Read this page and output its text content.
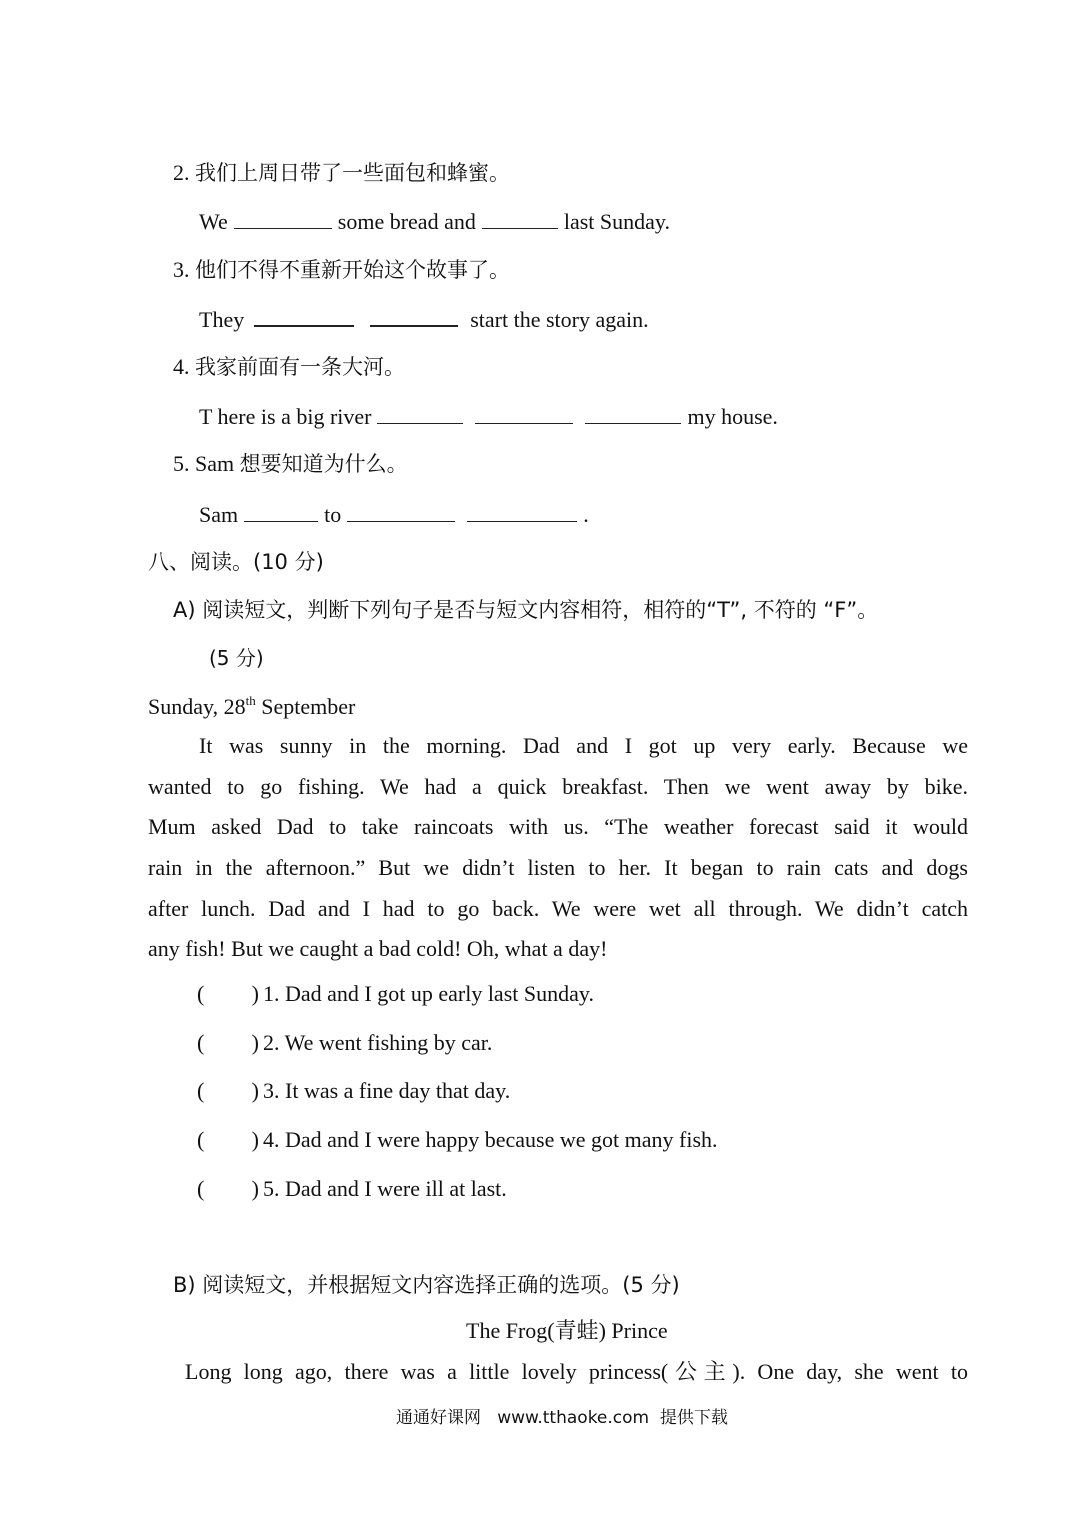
2. 我们上周日带了一些面包和蜂蜜。
We	some bread and	last Sunday.
3. 他们不得不重新开始这个故事了。
They	start the story again.
4. 我家前面有一条大河。
T here is a big river	my house.
5. Sam 想要知道为什么。
Sam	to	.
八、阅读。(10 分)
A) 阅读短文，判断下列句子是否与短文内容相符，相符的“T”, 不符的 “F”。
(5 分)
Sunday, 28th September
It was sunny in the morning. Dad and I got up very early. Because we
wanted to go fishing. We had a quick breakfast. Then we went away by bike.
Mum asked Dad to take raincoats with us. “The weather forecast said it would
rain in the afternoon.” But we didn’t listen to her. It began to rain cats and dogs
after lunch. Dad and I had to go back. We were wet all through. We didn’t catch
any fish! But we caught a bad cold! Oh, what a day!
( ) 1. Dad and I got up early last Sunday.
( ) 2. We went fishing by car.
( ) 3. It was a fine day that day.
( ) 4. Dad and I were happy because we got many fish.
( ) 5. Dad and I were ill at last.
B) 阅读短文，并根据短文内容选择正确的选项。(5 分)
The Frog(青蛙) Prince
Long long ago, there was a little lovely princess(公主). One day, she went to
通通好课网   www.tthaoke.com  提供下载
